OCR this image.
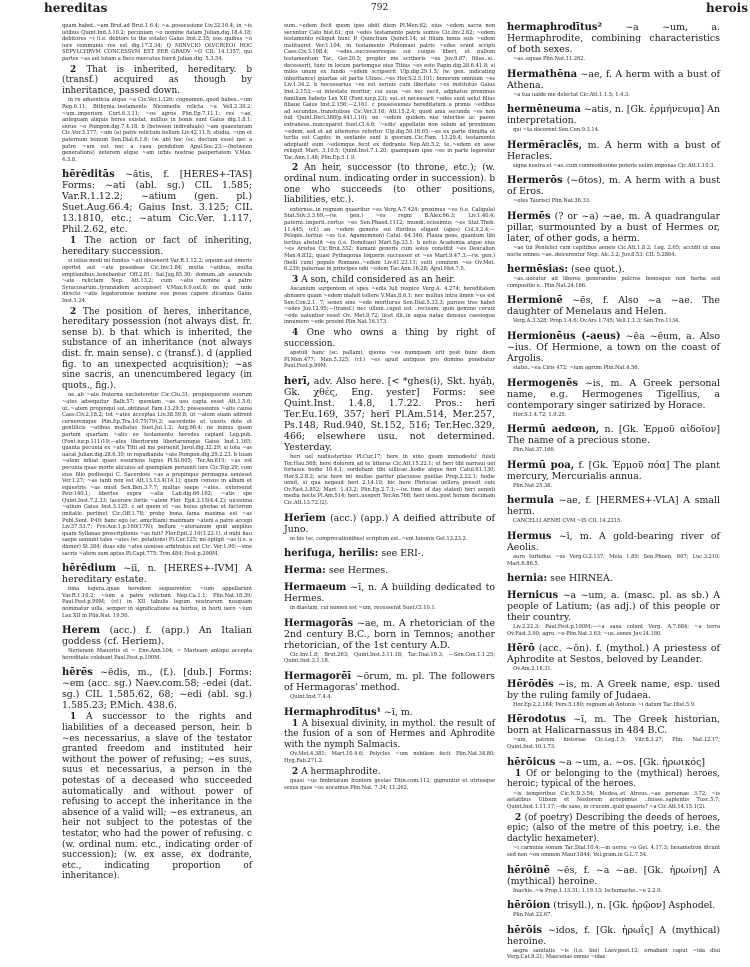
hereditas	792	herois
quam habet..~am Brut.ad Brut.1.6.4; ~a..possessione Liv.32.10.4; in ~is istibus Quint.Ind.3.10.2; pecuniam ~o nomine datam Julian.dig.18.4.18; debitores ~i (i.e. debtors to the estate) Gaius Inst.2.35; eos..quibus ~o iure communis res est dig.17.2.34; Q MINVCIO OLVCR(EO) HOC SEPVLCHRVM CONCESSVM EST PER GRADV ~O CIL 14.1357; qui partes ~as uel totam a fisco mercatus fuerit Julian.dig. 5.3.54.
2 That is inherited, hereditary. b (transf.) acquired as though by inheritance, passed down.
in re aduenticia atque ~a Cic.Ver.1.126; cognomen..quod habes..~um Rep.6.11; Bithynia..testamento Nicomedis relicta ~a Vell.2.39.2; ~um..imperium Curt.6.3.11; ~os agros Plin.Ep.7.11.1; res ~ae, antequam aliquis heres existat, nullius in bonis sunt Gaius dig.1.8.1; seruo ~o Pompon.dig.7.4.18. b (between individuals) ~am quaesturam Cic.Ver.3.177; ~um (a) patre relictum bellum Liv.42.11.5; studia, ~um et paternum bonum Sen.Dial.6.1.6; (w. ab) hoc (sc. doctum esse) nec a patre ~um est nec a casu pendulum Apul.Soc.23;—(between generations) ueterem atque ~am urbis nostrae paupertatem V.Max. 4.3.8.
hērēditās ~ātis, f. [HERES+-TAS] Forms: ~ati (abl. sg.) CIL 1.585; Var.R.1.12.2; ~atium (gen. pl.) Suet.Aug.66.4; Gaius Inst. 3.125; CIL 13.1810, etc.; ~atum Cic.Ver. 1.117, Phil.2.62, etc.
1 The action or fact of inheriting, hereditary succession.
si istius modi mi fundus ~ati obuenerit Var.R.1.12.2; equum aut emeris oportet aut ~ate possideas Cic.Inv.1.84; multa ~atibus, multa emptionibus..tenebantur Off.2.81; Sal.Jug.85.30; domum..ab auunculo ~ate relictam Nep. Att.13.2; cum ~atis nomine a patre Syracusarum..tyrannidem accepisset V.Max.6.9.ext.6; ne quid inde directo ~atis legatorumue nomine eos posse capere dicamus Gaius Inst.1.24.
2 The position of heres, inheritance, hereditary possession (not always dist. fr. sense b). b that which is inherited, the substance of an inheritance (not always dist. fr. main sense). c (transf.). d (applied fig. to an unexpected acquisition); ~as sine sacris, an unencumbered legacy (in quots., fig.).
ne..ab ~ate fraterna excluderetur Cic.Clu.31; propinquorum suorum ~ates adsequitur Balb.57; quoniam ~as usu capta esset Att.1.5.6; ut..~atem propinqui sui..obtineat Fam.13.29.5; possessionis ~atis causa Caes.Civ.2.18.2; tot ~ates acceptas Liv.38.59.8; ut ~atem suam adirent cerneremque Plin.Ep.Tra.10.75(79).2; sacerdotio et uxoris dote et gentilicis ~atibus multatus Suet.Jul.1.2; Aug.66.4; ne minus quam partem quartam ~atis eo testamento heredes capiant Leg.pub.(Font.iur.p.111)19;—ates libertorum libertarumque Gaius Inst.1.165; quanta pecunia ex ~ate Titii ad me peruenit Javol.dig.32.29; si tota ~as uacat Julian.dig.28.6.30; in repudianda ~ate Pompon.dig.29.2.23. b tuam ~atem inhiat quasi essuriens lupus Pl.St.605; Ter.An.815; ~as est pecunia quae morte alicuius ad quempiam peruenit iure Cic.Top.29; cum eius filio pedisequi C. Sacerdote ~as a propinquo permagna uenisset Ver.1.27; ~as tanti non est Att.13.13.4(14.1); quem census in album et equestris ~as misit Sen.Ben.3.7.7; multas saepe ~ates.. extorserat Petr.140.1; libertus supra ~atis Lab.dig.66.162; ~atis spe Quint.Inst.7.2.33; lacerare fortis ~atem Flor. Epit.2.15(4.4.2); uicesima ~atium Gaius Inst.3.125. c ad quem et ~as huius gloriae et factorum imitatio pertinet Cic.Off.1.78; probo bona fama maxima est ~as Publ.Sent. P.49; hanc ego (sc. amicitiam) maximam ~atem a patre accepi Liv.37.53.7; Fro.Aur.1.p.160(17N); bellum ~atorianum quid amplius quam Syllanae proscriptionis ~as fuit? Flor.Epit.2.10(3.22.1). d mihi hau saepe ueniunt tales ~ates (sc. potations) Pl.Cur.125; mi optigit ~as (i.e. a dinner) St.384; duas sibi ~ates uenisse arbitratus est Cic. Ver.1.90;—sine sacris ~atem sum aptus Pl.Capt.775; Trin.484; Fest.p.290M.
hērēdium ~iī, n. [HERES+-IVM] A hereditary estate.
bina iugera..quae heredem sequerentur, ~ium appellarunt Var.R.1.10.2; ~ium a patre relictum Nep.Ca.1.1; Plin.Nat.18.39; Paul.Fest.p.99M; (cf.) in XII tabulis legum nostrarum nusquam nominatur uilla, semper in significatione ea hortus, in horti uero ~ium Lex XII in Plin.Nat. 19.50.
Herem (acc.) f. (app.) An Italian goddess (cf. Heriem).
Nerienem Mauortis et ~ Enn.Ann.104; ~ Marteam antiqui accepta hereditate colebant Paul.Fest.p.100M.
hērēs ~ēdis, m., (f.). [dub.] Forms: ~em (acc. sg.) Naev.com.58; -edei (dat. sg.) CIL 1.585.62, 68; ~edi (abl. sg.) 1.585.23; P.Mich. 438.6.
1 A successor to the rights and liabilities of a deceased person, heir. b ~es necessarius, a slave of the testator granted freedom and instituted heir without the power of refusing; ~es suus, suus et necessarius, a person in the potestas of a deceased who succeeded automatically and without power of refusing to accept the inheritance in the absence of a valid will; ~es extraneus, an heir not subject to the potestas of the testator, who had the power of refusing. c (w. ordinal num. etc., indicating order of succession); (w. ex asse, ex dodrante, etc., indicating proportion of inheritance).
eum..~edem fecit quom ipse obiit diem Pl.Men.62; eius ~edem sacra non secuntur Cato hist.61; qui ~edes testamento patris sumus Cic.Inv.2.62; ~edem testamento reliquit hunc P. Quinctium Quinct.14; ut filium bonis suis ~edem institueret Ver.1.104; in testamento Ptolomaei patris ~edes erant scripti Caes.Civ.3.108.4; ~edes..successoresque sui cuique liberi, et nullum testamentum Tac. Ger.20.5; propter me scriberis ~es Juv.9.87; filius..si.. decesserit, tunc in locum partemque eius Titius ~es esto Papin.dig.28.6.41.8; si miles unum ex fundo ~edem scripserit Ulp.dig.29.1.5; (w. gen. indicating inheritance) quartae sit partis Ulixes..~es Hor.S.2.5.101; bonorum omnium ~es Liv.1.34.2. b necessarius ~es est seruus cum libertate ~es institutus Gaius Inst.2.153;—si intestato moritur, cui suus ~es nec escit, adgnatus proximus familiam habeto Lex XII (Font.iur.p.23); sui..et necessarii ~edes sunt uelut filius filiaue Gaius Inst.2.156;—2.161. c possessiones hereditatum..a primis ~edibus ad secundos..transtulisse Cic.Ver.3.16; Att.15.2.4; quod ania secunda ~es non fuit Quint.Decl.388(p.441,l.10); ne ~edem quidem nisi intertios ac paene extraneos..nuncuparet Suet.Cl.4.6; '~edis' appellatio non solum ad proximum ~edem, sed et ad ulteriores refertur Ulp.dig.50.16.65;—es ex parte dimidia et tertia est Capito; in sextante sunt ii quorum..Cic.Fam. 13.29.4; testamento adoptauit eum ~edemque fecit ex dodrante Nep.Att.5.2; te..~edem ex asse reliquit Mart. 3.10.5; Quint.Inst.7.1.20; quamquam ipse ~es in parte legeretur Tac.Ann.1.48; Plin.Ep.5.1.9.
2 An heir, successor (to throne, etc.); (w. ordinal num. indicating order in succession). b one who succeeds (to other positions, liabilities, etc.).
externus..in regnum quaeritur ~es Verg.A.7.424; proximus ~es (i.e. Caligula) Stat.Silv.3.3.69;—(w. gen.) ~es regni B.Alex.66.3; Liv.1.40.4; paterni..imperii..certus ~es Sen.Phaed.1112; mundi..ocissimus ~es Stat.Theb. 11.445; (cf.) an ~edem generis sui floribus eligant (apes) Col.9.2.4;—Pelopis..tertius ~es (i.e. Agamemnon) Catul. 64.346; Flauia gens, quantum tibi tertius abstulit ~es (i.e. Domitian) Mart.Sp.33.1. b uetus Academia atque eius ~es Aristus Cic.Brut.332; humani generis cum solus constitit ~es Deucalion Man.4.832; quasi Pythagoras loqueris successor et ~es Mart.9.47.3;—(w. gen.) (belli cum) populo Romano..~edem Liv.41.23.11; sutti comitem ~es Ov.Met. 6.239; paternae in principes odii ~edem Tac.Ann.16.28; Apul.Met.7.5.
3 A son, child considered as an heir.
Ascanium surgentem et spes ~edis Iuli respice Verg.A. 4.274; hereditatem abnuere quam ~edem maluit tollere V.Max.8.6.1; nec multus intra limen ~es est Sen.Con.2.1. 7; senex sine ~ede moriturus Sen.Dial.5.33.3; paruos tres habet ~edes Juv.12.95;—(transf.) nec ullum..caput est ..recisum, quin gemino ceruix ~ede ualentior esset Ov. Met.9.72; licet illi..in aqua natae densius caesioque innumero ~ede prosint Plin.Nat.16.173.
4 One who owns a thing by right of succession.
apstuli hanc (sc. pallam), quoius ~es numquam erit post hunc diem Pl.Men.477; Man.5.325; (cf.) ~es apud antiquos pro domino ponebatur Paul.Fest.p.99M.
herī, adv. Also here. [< *ghes(i), Skt. hyáḥ, Gk. χθές, Eng. yester] Forms: see Quint.Inst. 1.4.8, 1.7.22. Pros.: herī Ter.Eu.169, 357; herī Pl.Am.514, Mer.257, Ps.148, Rud.940, St.152, 516; Ter.Hec.329, 466; elsewhere usu. not determined. Yesterday.
heri uel nudiustertius Pl.Cur.17; here in uino quam immodestu' fuisti Ter.Hau.568; here dolorem ad te litteras Cic.Att.15.22.1; ut heri tibi narraui uel fortasse hodie 16.4.1; sordebant tibi uillicae..hodie atque heri Catul.61.130; Hor.S.2.8.2; scis here mi multas pariter placuisse puellas Prop.2.22.1; hodie uenit, si qua negauit heri 2.14.10; hic here Phriscae uellera pressit ouis Ov.Fast.3.852; Mart. 1.43.2; Plin.Ep.2.7.1;—(w. time of day stated) heri uenisti media nocte Pl.Am.514; heri..uesperi Ter.An.768; heri ueni..post horam decimam Cic.Att.13.72.(2).
Herīem (acc.) (app.) A deified attribute of Juno.
in his (sc. comprecationibus) scriptum est..~em Iunonis Gel.13.23.2.
herifuga, herīlis: see ERI-.
Herma: see Hermes.
Hermaeum ~ī, n. A building dedicated to Hermes.
in diaetam, cui nomen est ~um, recesserat Suet.Cl.10.1.
Hermagorās ~ae, m. A rhetorician of the 2nd century B.C., born in Temnos; another rhetorician, of the 1st century A.D.
Cic.Inv.1.8; Brut.263; Quint.Inst.3.11.18; Tac.Dial.19.3; —Sen.Con.1.1.25; Quint.Inst.3.1.18.
Hermagorēī ~ōrum, m. pl. The followers of Hermagoras' method.
Quint.Inst.7.4.4.
Hermaphrodītus¹ ~ī, m.
1 A bisexual divinity, in mythol. the result of the fusion of a son of Hermes and Aphrodite with the nymph Salmacis.
Ov.Met.4.381; Mart.10.4.6; Polycles ~um nobilem fecit Plin.Nat.34.80; Hyg.Fab.271.2.
2 A hermaphrodite.
quasi ~us fimbriatum frontem gestas Titin.com.112; gignuntur et utriusque sexus quos ~os uocamus Plin.Nat. 7.34; 11.262.
hermaphrodītus² ~a ~um, a. Hermaphrodite, combining characteristics of both sexes.
~as..equas Plin.Nat.11.262.
Hermathēna ~ae, f. A herm with a bust of Athena.
~a tua ualde me delectat Cic.Att.1.1.5; 1.4.3.
hermēneuma ~atis, n. [Gk. ἑρμήνευμα] An interpretation.
qui ~ta docerent Sen.Con.9.3.14.
Hermēraclēs, m. A herm with a bust of Heracles.
signa nostra et ~as..cum commodissime poteris uelim imponas Cic.Att.1.10.3.
Hermerōs (~ōtos), m. A herm with a bust of Eros.
~otes Taurisci Plin.Nat.36.33.
Hermēs (? or ~a) ~ae, m. A quadrangular pillar, surmounted by a bust of Hermes or, later, of other gods, a herm.
~ae tui Pentelici cum capitibus aeneis Cic.Att.1.8.2; Leg. 2.65; accidit ut una nocte omnes ~ae..deicerentur Nep. Alc.3.2; Juv.8.53; CIL 5.2864.
hermēsias: (see quot.).
~as..uocatur ad liberos generandos pulcros bonosque non herba sed compositio e.. Plin.Nat.24.166.
Hermionē ~ēs, f. Also ~a ~ae. The daughter of Menelaus and Helen.
Verg.A.3.328; Prop.1.4.6; Ov.Ars 1.745; Vell.1.1.3; Sen.Tro.1134.
Hermionēus (-aeus) ~ēa ~ēum, a. Also ~ius. Of Hermione, a town on the coast of Argolis.
statio..~ea Ciris 472; ~ium agrum Plin.Nat.4.56.
Hermogenēs ~is, m. A Greek personal name, e.g. Hermogenes Tigellius, a contemporary singer satirized by Horace.
Hor.S.1.4.72; 1.9.25.
Hermū aedœon, n. [Gk. Ἑρμοῦ αἰδοῖον] The name of a precious stone.
Plin.Nat.37.166.
Hermū poa, f. [Gk. Ἑρμοῦ πόα] The plant mercury, Mercurialis annua.
Plin.Nat.25.38.
hermula ~ae, f. [HERMES+-VLA] A small herm.
CANCELLI AENEI CVM ~IS CIL 14.2215.
Hermus ~ī, m. A gold-bearing river of Aeolis.
auro turbidus ~us Verg.G.2.137; Mela 1.89; Sen.Phoen. 607; Luc.3.210; Mart.6.86.5.
hernia: see HIRNEA.
Hernicus ~a ~um, a. (masc. pl. as sb.) A people of Latium; (as adj.) of this people or their country.
Liv.2.22.3; Paul.Fest.p.100M;—~a saxa colunt Verg. A.7.684; ~a terra Ov.Fast.3.90; agro..~o Plin.Nat.3.63; ~us..senex Juv.14.180.
Hērō (acc. ~ōn). f. (mythol.) A priestess of Aphrodite at Sestos, beloved by Leander.
Ov.Am.2.16.31.
Hērōdēs ~is, m. A Greek name, esp. used by the ruling family of Judaea.
Hor.Ep.2.2.184; Pers.5.180; regnum ab Antonio ~i datum Tac.Hist.5.9.
Hērodotus ~ī, m. The Greek historian, born at Halicarnassus in 484 B.C.
~um, patrem historiae Cic.Leg.1.5; Vitr.8.3.27; Plin. Nat.12.17; Quint.Inst.10.1.73.
hērōicus ~a ~um, a. ~os. [Gk. ἡρωικός]
1 Of or belonging to the (mythical) heroes, heroic; typical of the heroes.
~is temporibus Cic.N.D.3.54; Medea..et Atreus..~ae personae 3.72; ~is aetatibus Ulixem et Nestorem accepimus ..fuisse..sapientis Tusc.5.7; Quint.Inst.1.11.17;—de saxo, in crucem..quid quaeris? ~a Cic.Att.14.15.1(2).
2 (of poetry) Describing the deeds of heroes, epic; (also of the metre of this poetry, i.e. the dactylic hexameter).
~i carminis sonum Tac.Dial.10.4;—in uersu ~o Gel. 4.17.3; hexametron dicunt sed non ~on omnem Maur.1844; Vel.gram.in G.L.7.54.
hērōinē ~ēs, f. ~a ~ae. [Gk. ἡρωίνη] A (mythical) heroine.
Inachis..~is Prop.1.13.31; 1.19.13; Ischomache..~e 2.2.9.
hērōion (trisyll.), n. [Gk. ἡρῷον] Asphodel.
Plin.Nat.22.67.
hērōis ~idos, f. [Gk. ἡρωΐς] A (mythical) heroine.
aegra sanitatis ~is (i.e. Ino) Laev.poet.12; ornabant caput ~ida diui Verg.Cat.9.21; Maecenas omnis ~idas
